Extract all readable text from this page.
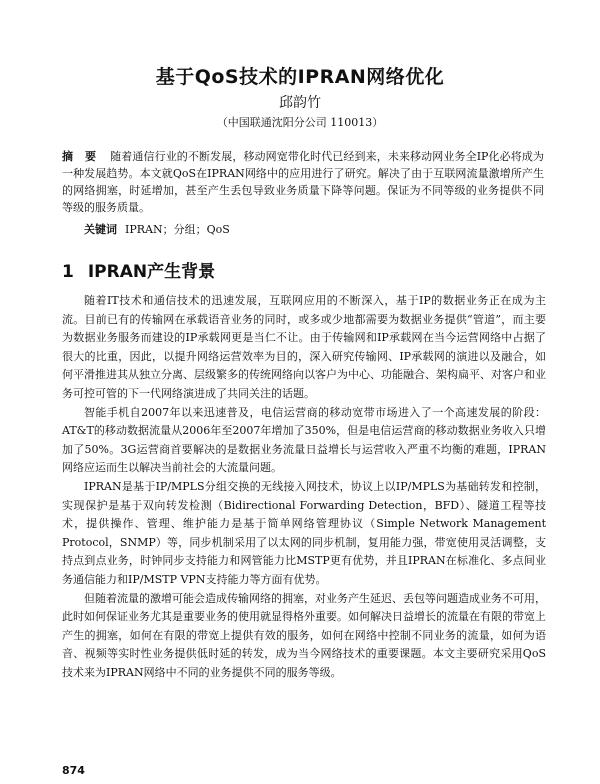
基于QoS技术的IPRAN网络优化
邱韵竹
（中国联通沈阳分公司 110013）
摘 要 随着通信行业的不断发展，移动网宽带化时代已经到来，未来移动网业务全IP化必将成为一种发展趋势。本文就QoS在IPRAN网络中的应用进行了研究。解决了由于互联网流量激增所产生的网络拥塞，时延增加，甚至产生丢包导致业务质量下降等问题。保证为不同等级的业务提供不同等级的服务质量。
关键词 IPRAN；分组；QoS
1 IPRAN产生背景

随着IT技术和通信技术的迅速发展，互联网应用的不断深入，基于IP的数据业务正在成为主流。目前已有的传输网在承载语音业务的同时，或多或少地都需要为数据业务提供“管道”，而主要为数据业务服务而建设的IP承载网更是当仁不让。由于传输网和IP承载网在当今运营网络中占据了很大的比重，因此，以提升网络运营效率为目的，深入研究传输网、IP承载网的演进以及融合，如何平滑推进其从独立分离、层级繁多的传统网络向以客户为中心、功能融合、架构扁平、对客户和业务可控可管的下一代网络演进成了共同关注的话题。

智能手机自2007年以来迅速普及，电信运营商的移动宽带市场进入了一个高速发展的阶段：AT&T的移动数据流量从2006年至2007年增加了350%，但是电信运营商的移动数据业务收入只增加了50%。3G运营商首要解决的是数据业务流量日益增长与运营收入严重不均衡的难题，IPRAN网络应运而生以解决当前社会的大流量问题。

IPRAN是基于IP/MPLS分组交换的无线接入网技术，协议上以IP/MPLS为基础转发和控制，实现保护是基于双向转发检测（Bidirectional Forwarding Detection，BFD）、隧道工程等技术，提供操作、管理、维护能力是基于简单网络管理协议（Simple Network Management Protocol，SNMP）等，同步机制采用了以太网的同步机制，复用能力强，带宽使用灵活调整，支持点到点业务，时钟同步支持能力和网管能力比MSTP更有优势，并且IPRAN在标准化、多点间业务通信能力和IP/MSTP VPN支持能力等方面有优势。

但随着流量的激增可能会造成传输网络的拥塞，对业务产生延迟、丢包等问题造成业务不可用，此时如何保证业务尤其是重要业务的使用就显得格外重要。如何解决日益增长的流量在有限的带宽上产生的拥塞，如何在有限的带宽上提供有效的服务，如何在网络中控制不同业务的流量，如何为语音、视频等实时性业务提供低时延的转发，成为当今网络技术的重要课题。本文主要研究采用QoS技术来为IPRAN网络中不同的业务提供不同的服务等级。

874
